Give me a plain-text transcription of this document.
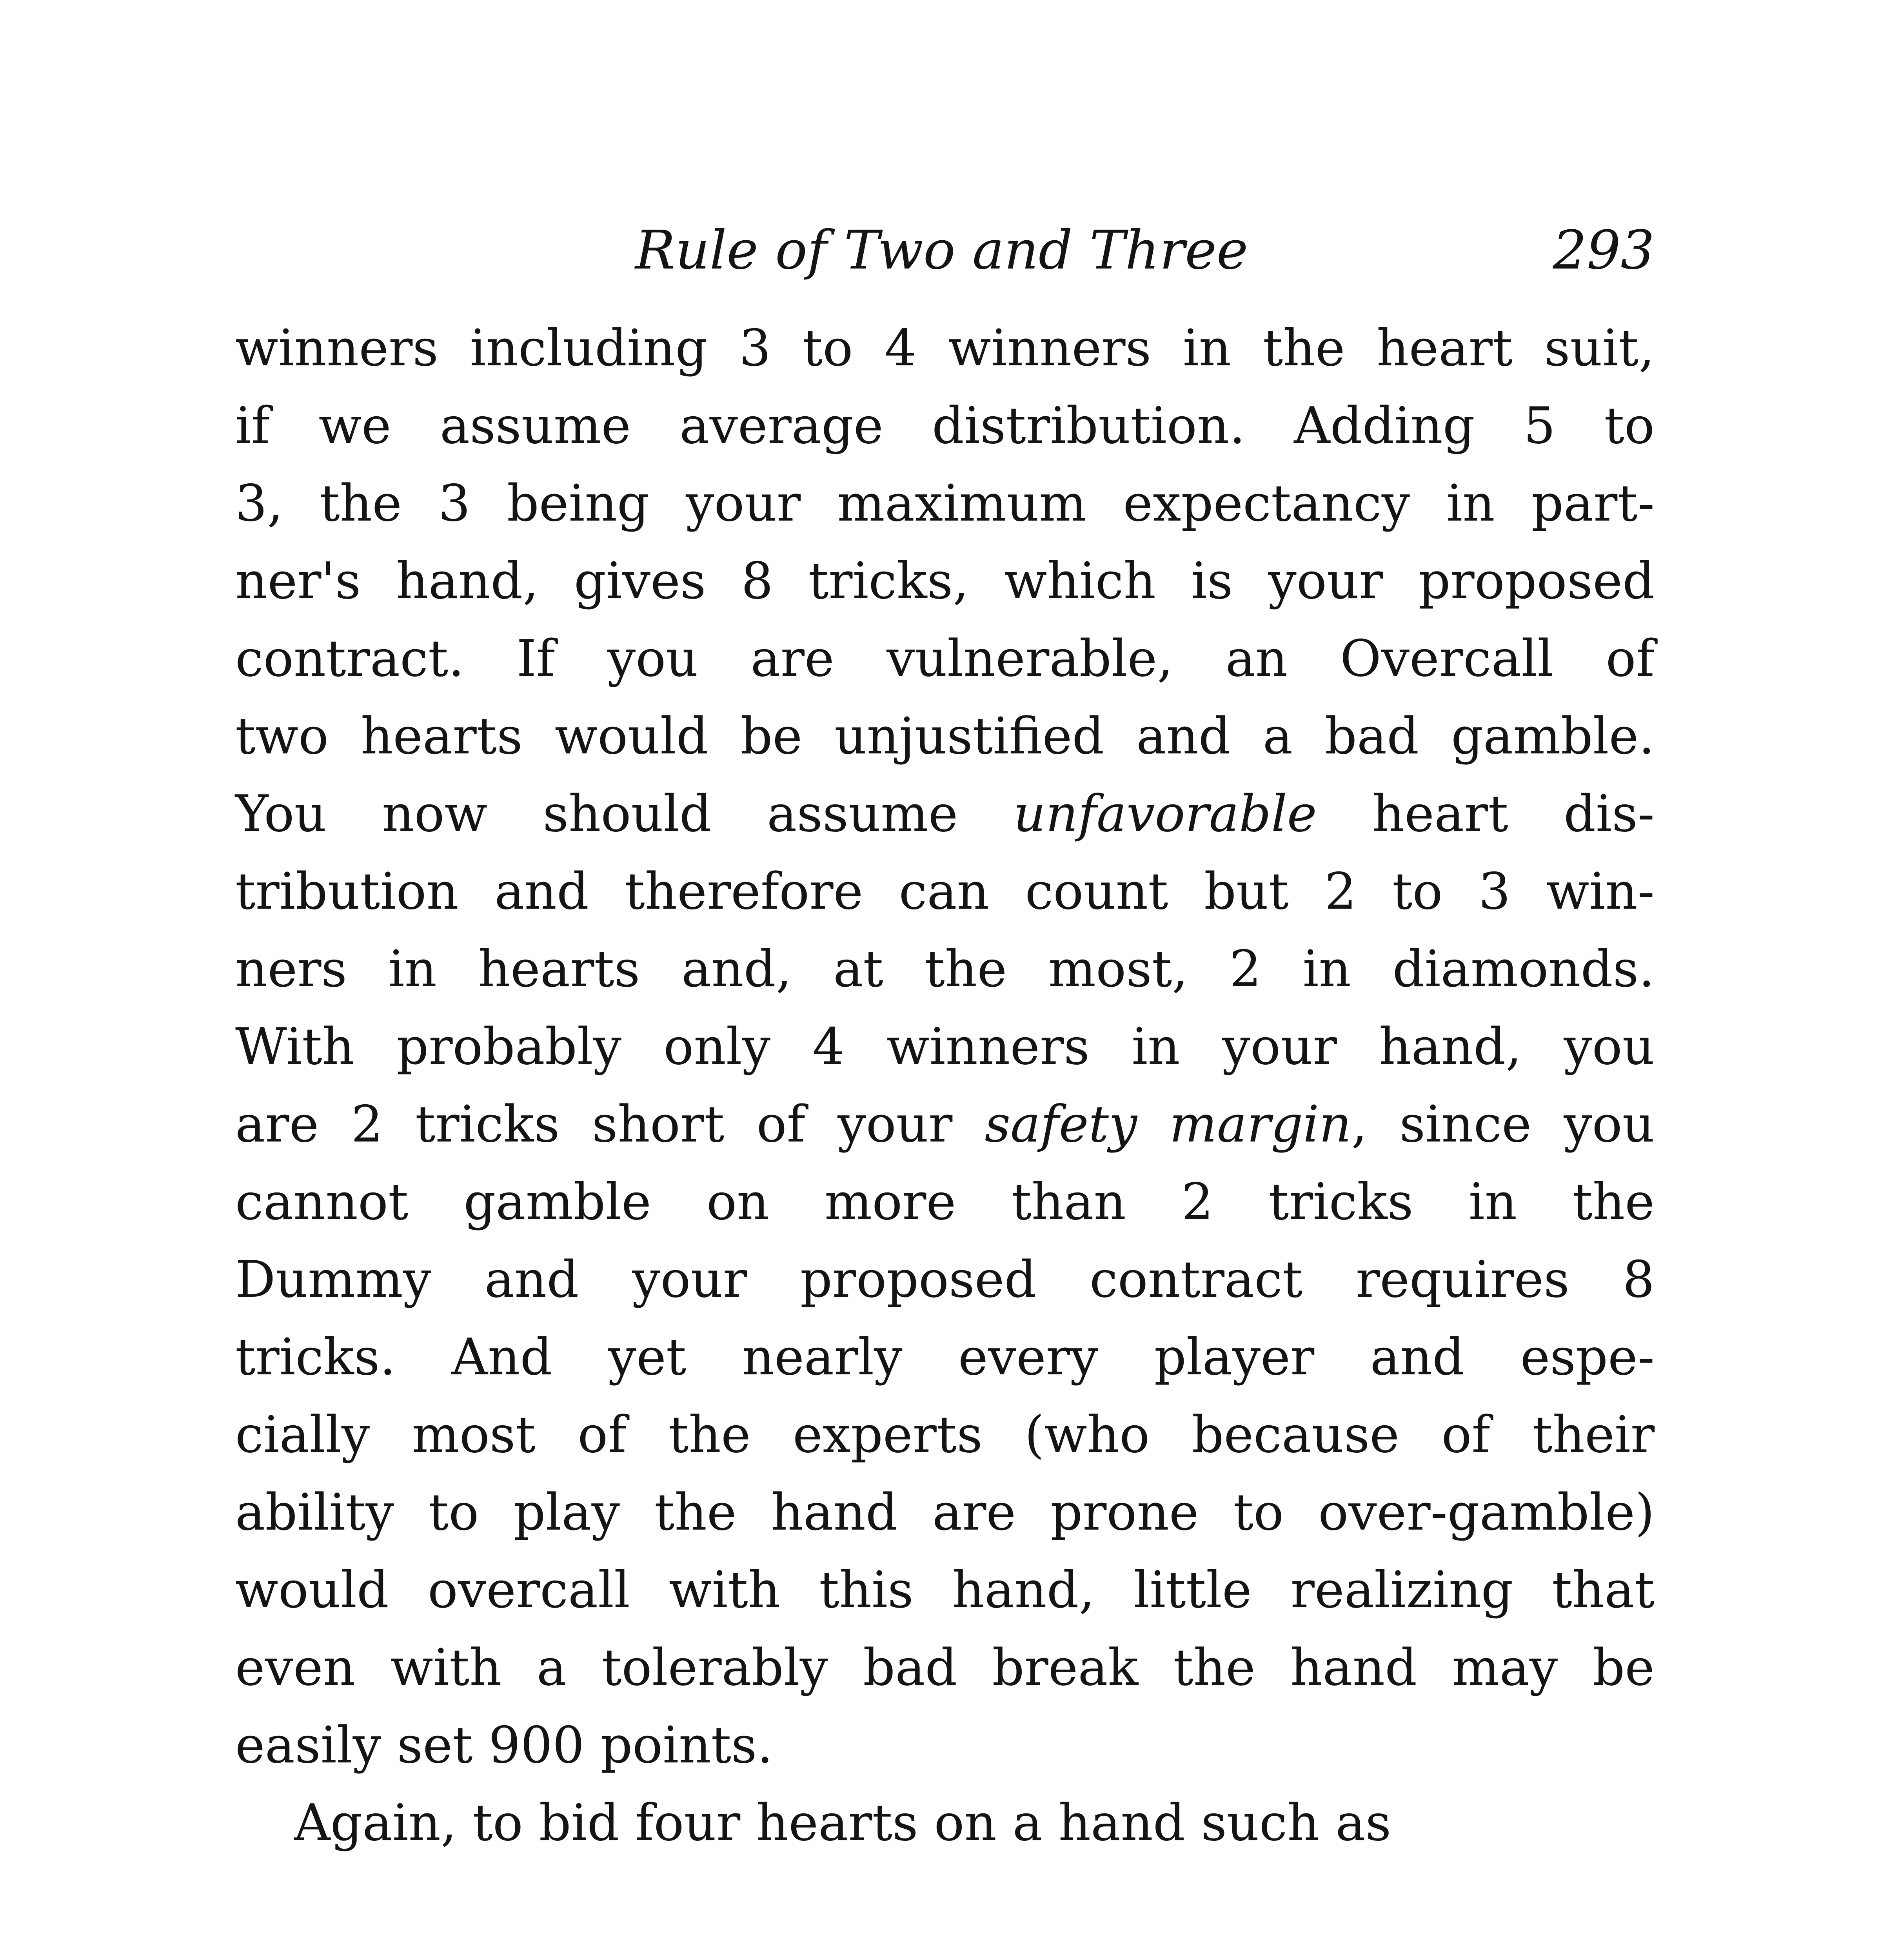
Rule of Two and Three	293
winners including 3 to 4 winners in the heart suit,
if we assume average distribution. Adding 5 to
3, the 3 being your maximum expectancy in part-
ner's hand, gives 8 tricks, which is your proposed
contract. If you are vulnerable, an Overcall of
two hearts would be unjustified and a bad gamble.
You now should assume unfavorable heart dis-
tribution and therefore can count but 2 to 3 win-
ners in hearts and, at the most, 2 in diamonds.
With probably only 4 winners in your hand, you
are 2 tricks short of your safety margin, since you
cannot gamble on more than 2 tricks in the
Dummy and your proposed contract requires 8
tricks. And yet nearly every player and espe-
cially most of the experts (who because of their
ability to play the hand are prone to over-gamble)
would overcall with this hand, little realizing that
even with a tolerably bad break the hand may be
easily set 900 points.
Again, to bid four hearts on a hand such as
